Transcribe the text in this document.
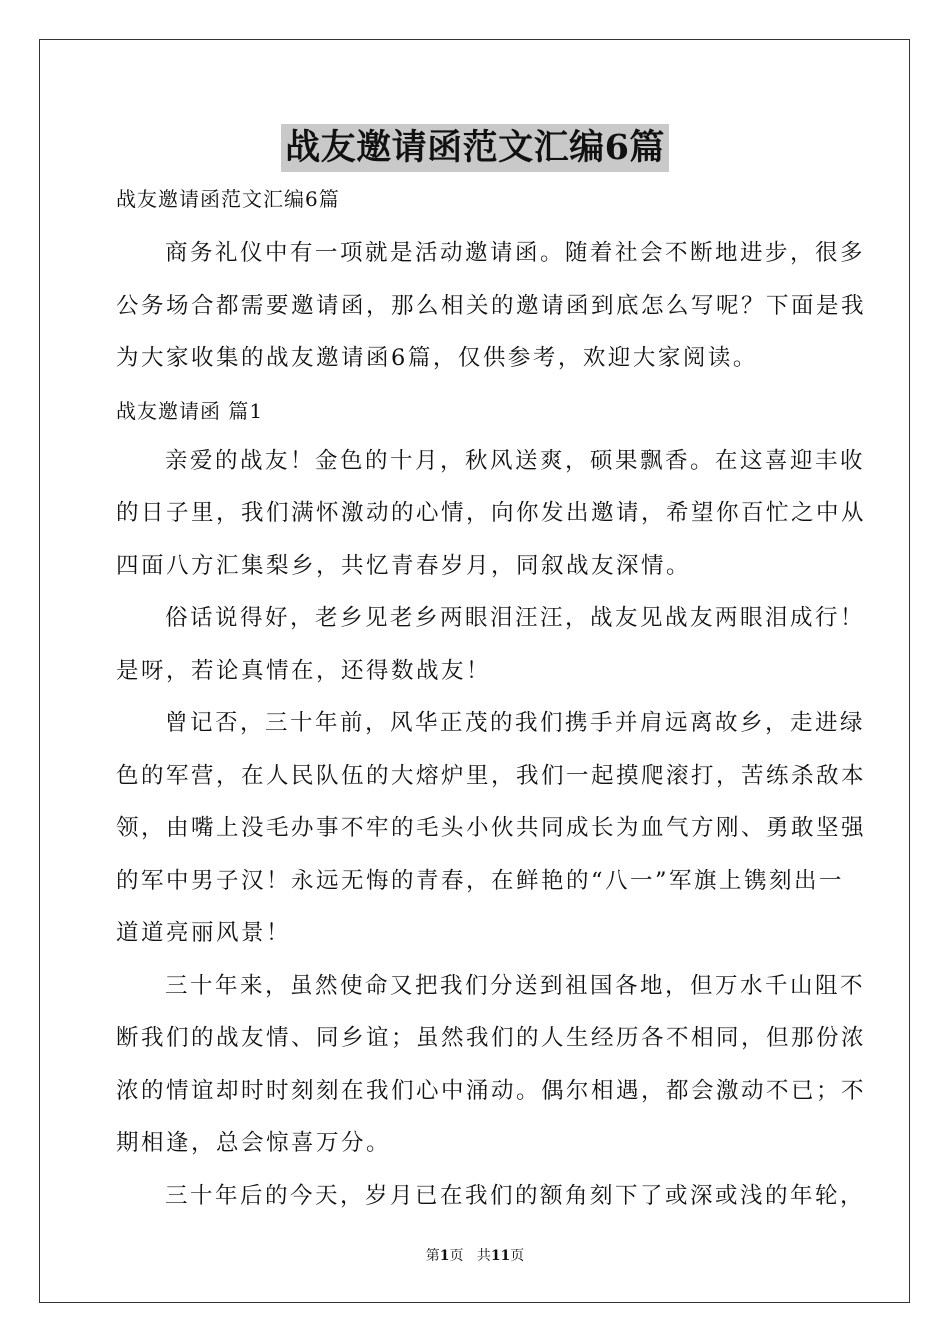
战友邀请函范文汇编6篇
战友邀请函范文汇编6篇
商务礼仪中有一项就是活动邀请函。随着社会不断地进步，很多
公务场合都需要邀请函，那么相关的邀请函到底怎么写呢？下面是我
为大家收集的战友邀请函6篇，仅供参考，欢迎大家阅读。
战友邀请函 篇1
亲爱的战友！金色的十月，秋风送爽，硕果飘香。在这喜迎丰收
的日子里，我们满怀激动的心情，向你发出邀请，希望你百忙之中从
四面八方汇集梨乡，共忆青春岁月，同叙战友深情。
俗话说得好，老乡见老乡两眼泪汪汪，战友见战友两眼泪成行！
是呀，若论真情在，还得数战友！
曾记否，三十年前，风华正茂的我们携手并肩远离故乡，走进绿
色的军营，在人民队伍的大熔炉里，我们一起摸爬滚打，苦练杀敌本
领，由嘴上没毛办事不牢的毛头小伙共同成长为血气方刚、勇敢坚强
的军中男子汉！永远无悔的青春，在鲜艳的“八一”军旗上镌刻出一
道道亮丽风景！
三十年来，虽然使命又把我们分送到祖国各地，但万水千山阻不
断我们的战友情、同乡谊；虽然我们的人生经历各不相同，但那份浓
浓的情谊却时时刻刻在我们心中涌动。偶尔相遇，都会激动不已；不
期相逢，总会惊喜万分。
三十年后的今天，岁月已在我们的额角刻下了或深或浅的年轮，
第1页 共11页
